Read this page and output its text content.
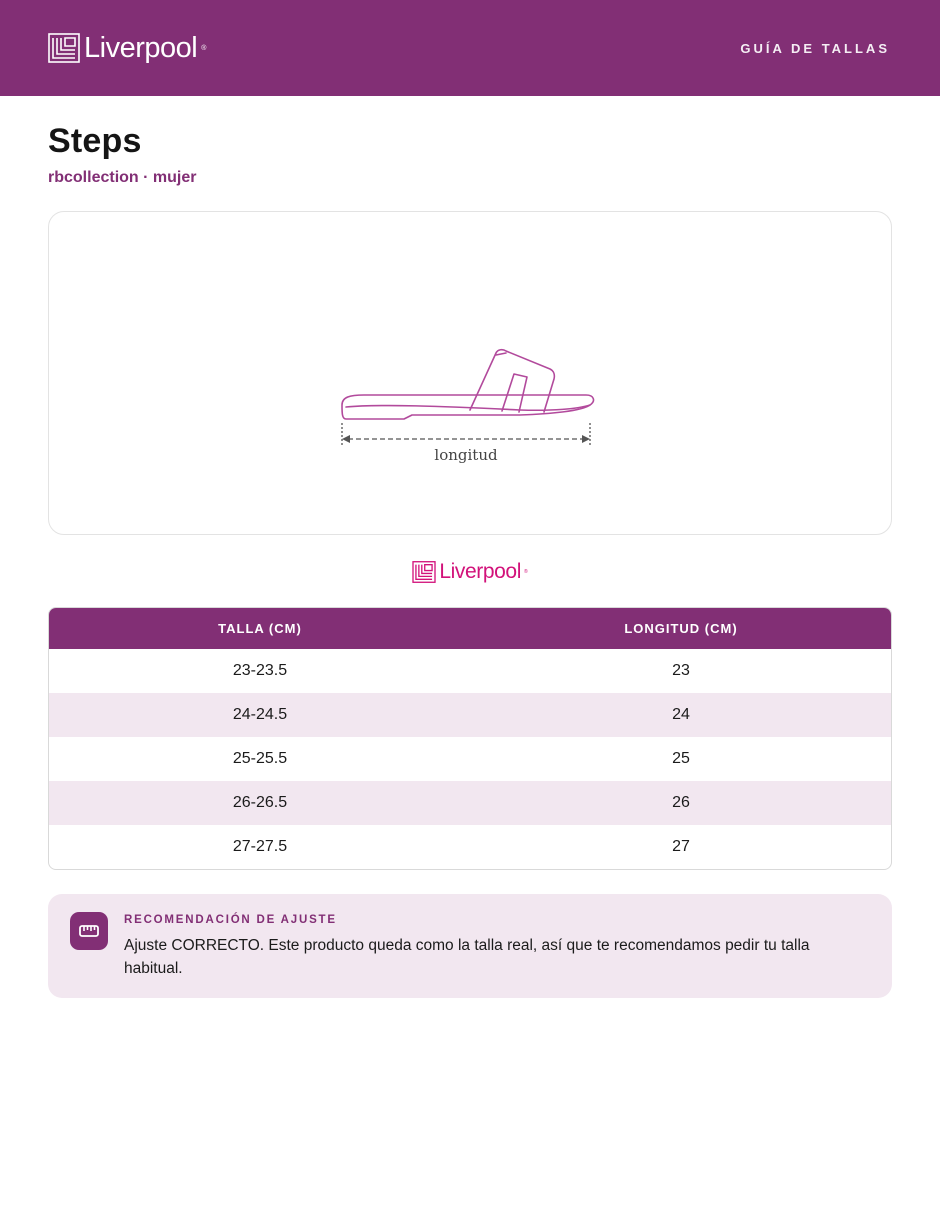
Liverpool ®	GUÍA DE TALLAS
Steps
rbcollection · mujer
longitud
Liverpool ®
TALLA (CM)	LONGITUD (CM)
23-23.5	23
24-24.5	24
25-25.5	25
26-26.5	26
27-27.5	27
RECOMENDACIÓN DE AJUSTE
Ajuste CORRECTO. Este producto queda como la talla real, así que te recomendamos pedir tu talla habitual.
